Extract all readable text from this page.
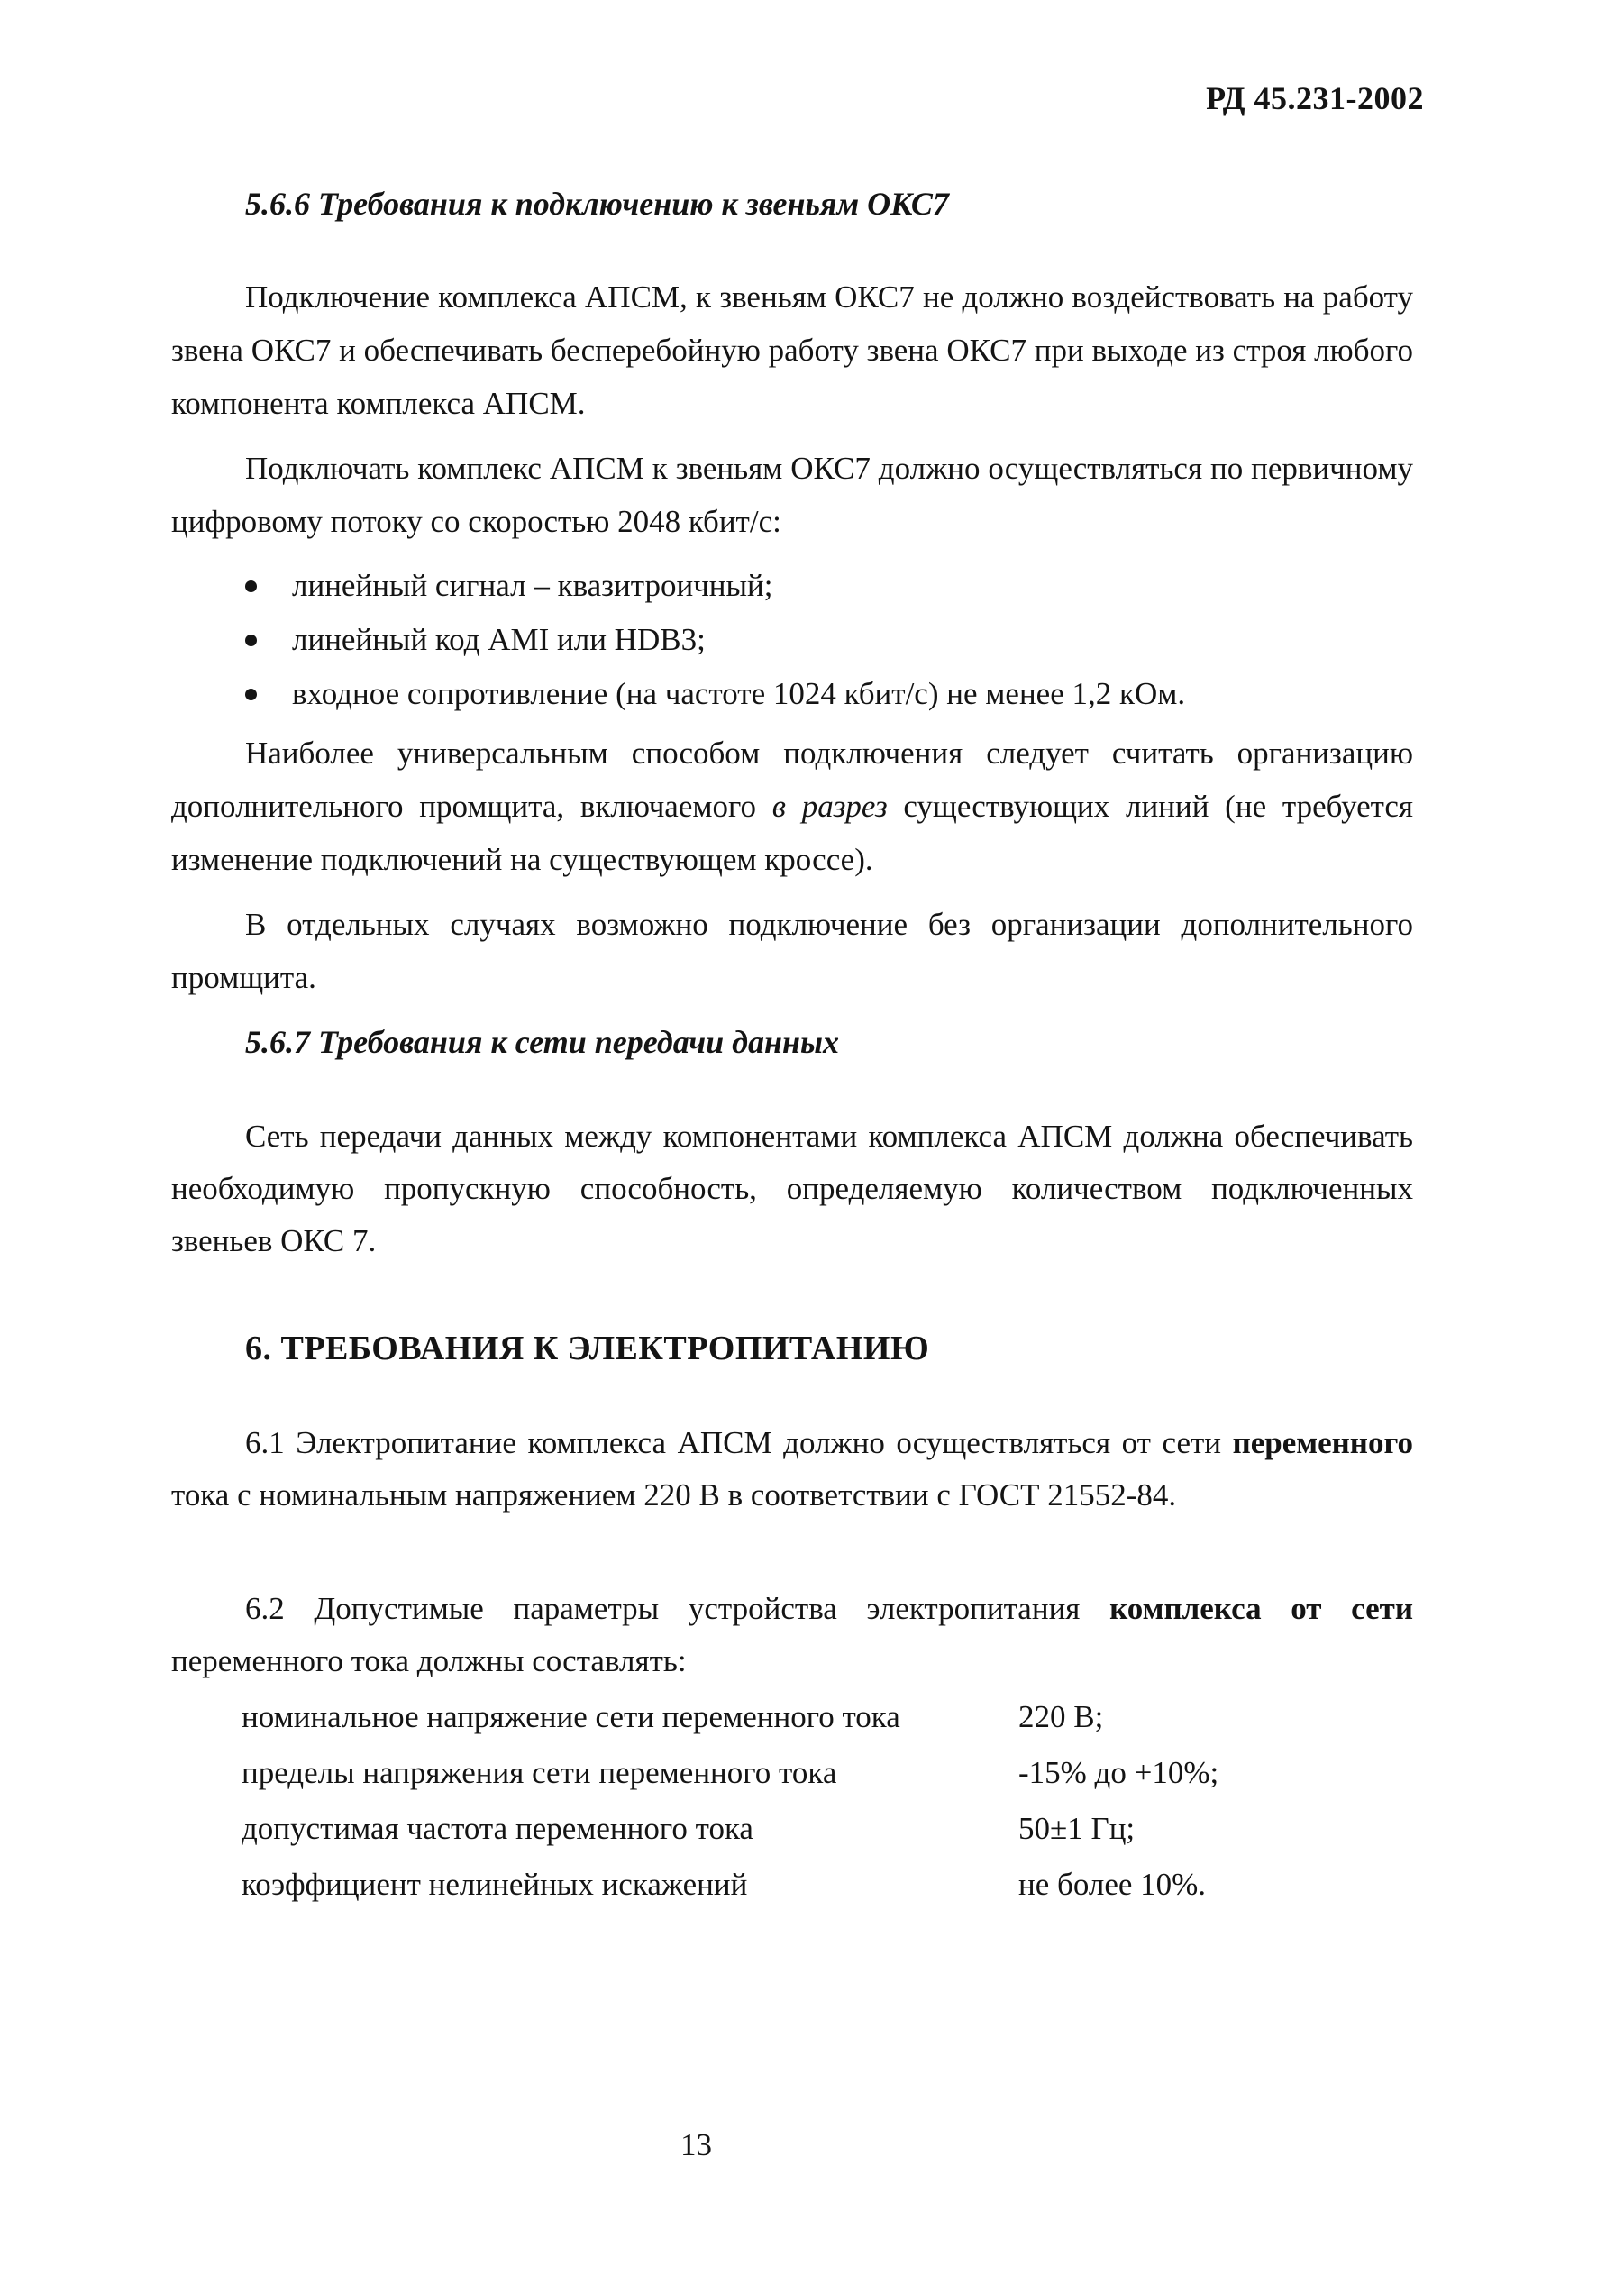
РД 45.231-2002
5.6.6 Требования к подключению к звеньям ОКС7

Подключение комплекса АПСМ, к звеньям ОКС7 не должно воздействовать на работу звена ОКС7 и обеспечивать бесперебойную работу звена ОКС7 при выходе из строя любого компонента комплекса АПСМ.

Подключать комплекс АПСМ к звеньям ОКС7 должно осуществляться по первичному цифровому потоку со скоростью 2048 кбит/с:

линейный сигнал – квазитроичный;
линейный код AMI или HDB3;
входное сопротивление (на частоте 1024 кбит/с) не менее 1,2 кОм.

Наиболее универсальным способом подключения следует считать организацию дополнительного промщита, включаемого в разрез существующих линий (не требуется изменение подключений на существующем кроссе).

В отдельных случаях возможно подключение без организации дополнительного промщита.

5.6.7 Требования к сети передачи данных

Сеть передачи данных между компонентами комплекса АПСМ должна обеспечивать необходимую пропускную способность, определяемую количеством подключенных звеньев ОКС 7.

6. ТРЕБОВАНИЯ К ЭЛЕКТРОПИТАНИЮ

6.1 Электропитание комплекса АПСМ должно осуществляться от сети переменного тока с номинальным напряжением 220 В в соответствии с ГОСТ 21552-84.

6.2 Допустимые параметры устройства электропитания комплекса от сети переменного тока должны составлять:

номинальное напряжение сети переменного тока	220 В;
пределы напряжения сети переменного тока	-15% до +10%;
допустимая частота переменного тока	50±1 Гц;
коэффициент нелинейных искажений	не более 10%.
13
